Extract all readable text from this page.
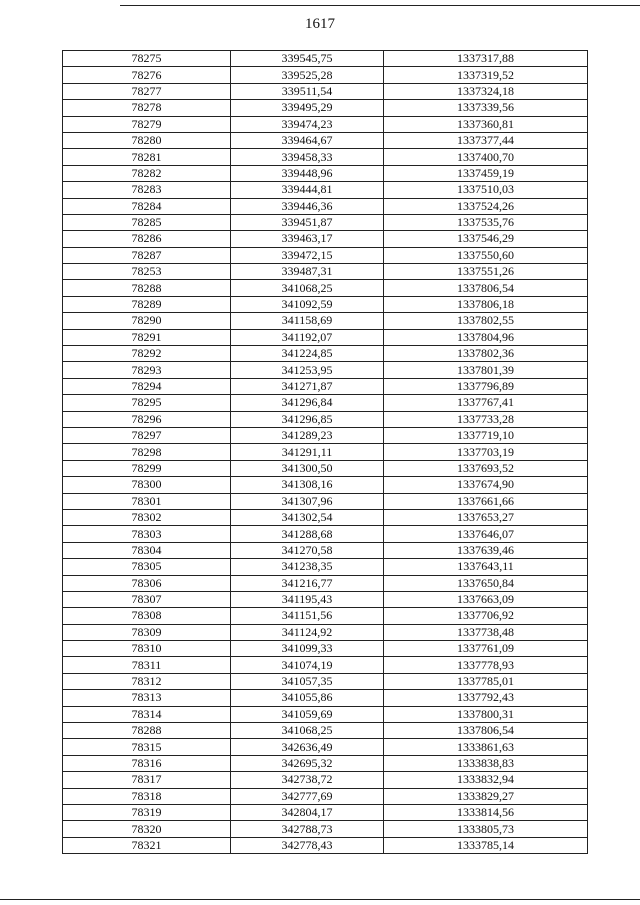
1617
78275	339545,75	1337317,88
78276	339525,28	1337319,52
78277	339511,54	1337324,18
78278	339495,29	1337339,56
78279	339474,23	1337360,81
78280	339464,67	1337377,44
78281	339458,33	1337400,70
78282	339448,96	1337459,19
78283	339444,81	1337510,03
78284	339446,36	1337524,26
78285	339451,87	1337535,76
78286	339463,17	1337546,29
78287	339472,15	1337550,60
78253	339487,31	1337551,26
78288	341068,25	1337806,54
78289	341092,59	1337806,18
78290	341158,69	1337802,55
78291	341192,07	1337804,96
78292	341224,85	1337802,36
78293	341253,95	1337801,39
78294	341271,87	1337796,89
78295	341296,84	1337767,41
78296	341296,85	1337733,28
78297	341289,23	1337719,10
78298	341291,11	1337703,19
78299	341300,50	1337693,52
78300	341308,16	1337674,90
78301	341307,96	1337661,66
78302	341302,54	1337653,27
78303	341288,68	1337646,07
78304	341270,58	1337639,46
78305	341238,35	1337643,11
78306	341216,77	1337650,84
78307	341195,43	1337663,09
78308	341151,56	1337706,92
78309	341124,92	1337738,48
78310	341099,33	1337761,09
78311	341074,19	1337778,93
78312	341057,35	1337785,01
78313	341055,86	1337792,43
78314	341059,69	1337800,31
78288	341068,25	1337806,54
78315	342636,49	1333861,63
78316	342695,32	1333838,83
78317	342738,72	1333832,94
78318	342777,69	1333829,27
78319	342804,17	1333814,56
78320	342788,73	1333805,73
78321	342778,43	1333785,14
